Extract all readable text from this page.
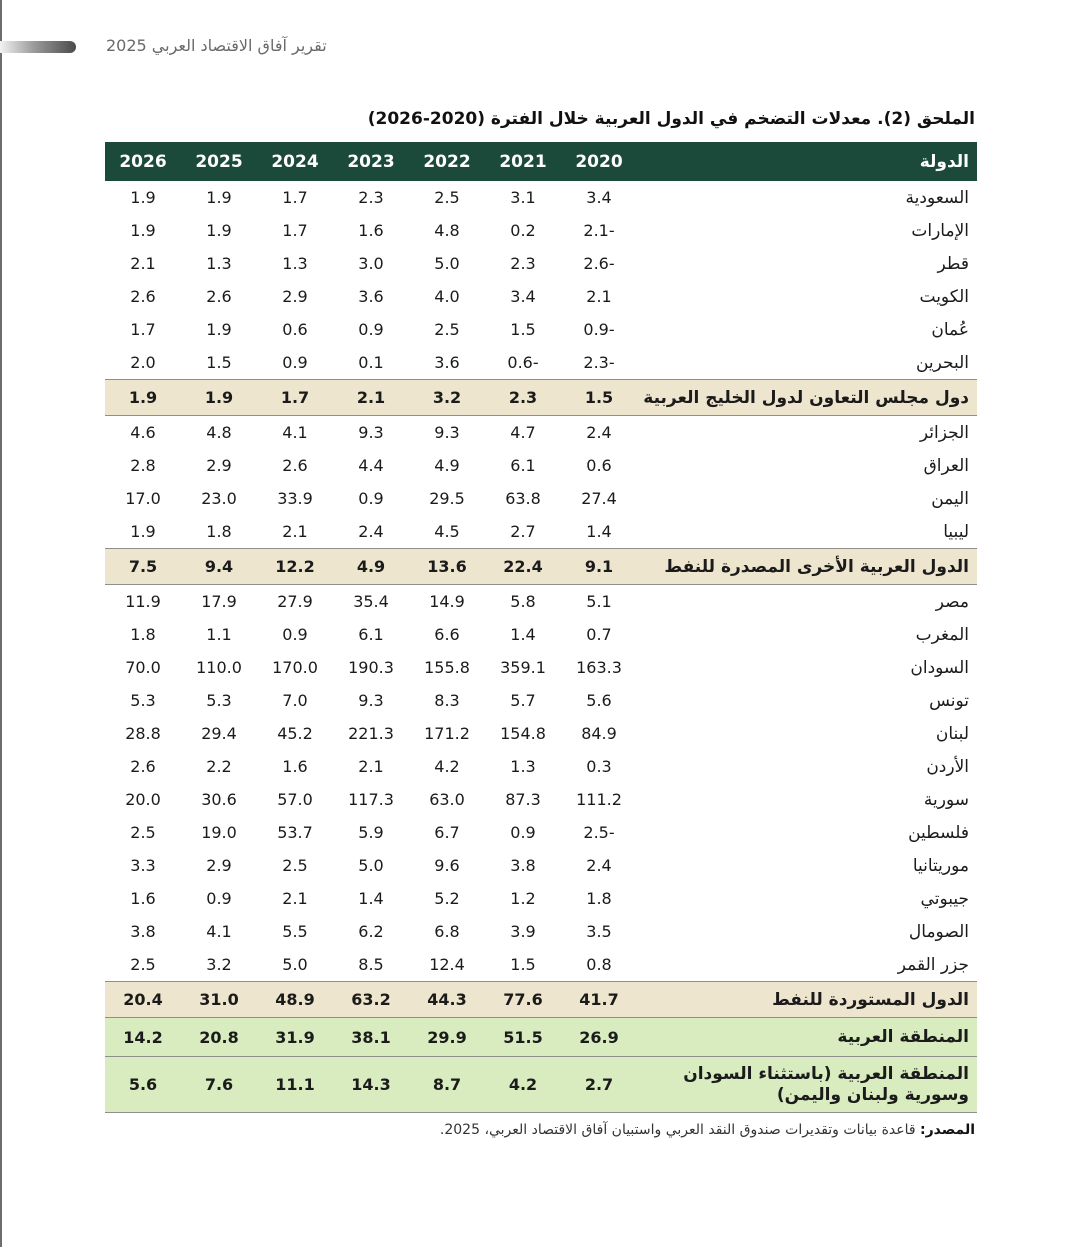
تقرير آفاق الاقتصاد العربي 2025
الملحق (2). معدلات التضخم في الدول العربية خلال الفترة (2020-2026)
الدولة	2020	2021	2022	2023	2024	2025	2026
السعودية	3.4	3.1	2.5	2.3	1.7	1.9	1.9
الإمارات	2.1-	0.2	4.8	1.6	1.7	1.9	1.9
قطر	2.6-	2.3	5.0	3.0	1.3	1.3	2.1
الكويت	2.1	3.4	4.0	3.6	2.9	2.6	2.6
عُمان	0.9-	1.5	2.5	0.9	0.6	1.9	1.7
البحرين	2.3-	0.6-	3.6	0.1	0.9	1.5	2.0
دول مجلس التعاون لدول الخليج العربية	1.5	2.3	3.2	2.1	1.7	1.9	1.9
الجزائر	2.4	4.7	9.3	9.3	4.1	4.8	4.6
العراق	0.6	6.1	4.9	4.4	2.6	2.9	2.8
اليمن	27.4	63.8	29.5	0.9	33.9	23.0	17.0
ليبيا	1.4	2.7	4.5	2.4	2.1	1.8	1.9
الدول العربية الأخرى المصدرة للنفط	9.1	22.4	13.6	4.9	12.2	9.4	7.5
مصر	5.1	5.8	14.9	35.4	27.9	17.9	11.9
المغرب	0.7	1.4	6.6	6.1	0.9	1.1	1.8
السودان	163.3	359.1	155.8	190.3	170.0	110.0	70.0
تونس	5.6	5.7	8.3	9.3	7.0	5.3	5.3
لبنان	84.9	154.8	171.2	221.3	45.2	29.4	28.8
الأردن	0.3	1.3	4.2	2.1	1.6	2.2	2.6
سورية	111.2	87.3	63.0	117.3	57.0	30.6	20.0
فلسطين	2.5-	0.9	6.7	5.9	53.7	19.0	2.5
موريتانيا	2.4	3.8	9.6	5.0	2.5	2.9	3.3
جيبوتي	1.8	1.2	5.2	1.4	2.1	0.9	1.6
الصومال	3.5	3.9	6.8	6.2	5.5	4.1	3.8
جزر القمر	0.8	1.5	12.4	8.5	5.0	3.2	2.5
الدول المستوردة للنفط	41.7	77.6	44.3	63.2	48.9	31.0	20.4
المنطقة العربية	26.9	51.5	29.9	38.1	31.9	20.8	14.2
المنطقة العربية (باستثناء السودان وسورية ولبنان واليمن)	2.7	4.2	8.7	14.3	11.1	7.6	5.6
المصدر: قاعدة بيانات وتقديرات صندوق النقد العربي واستبيان آفاق الاقتصاد العربي، 2025.
